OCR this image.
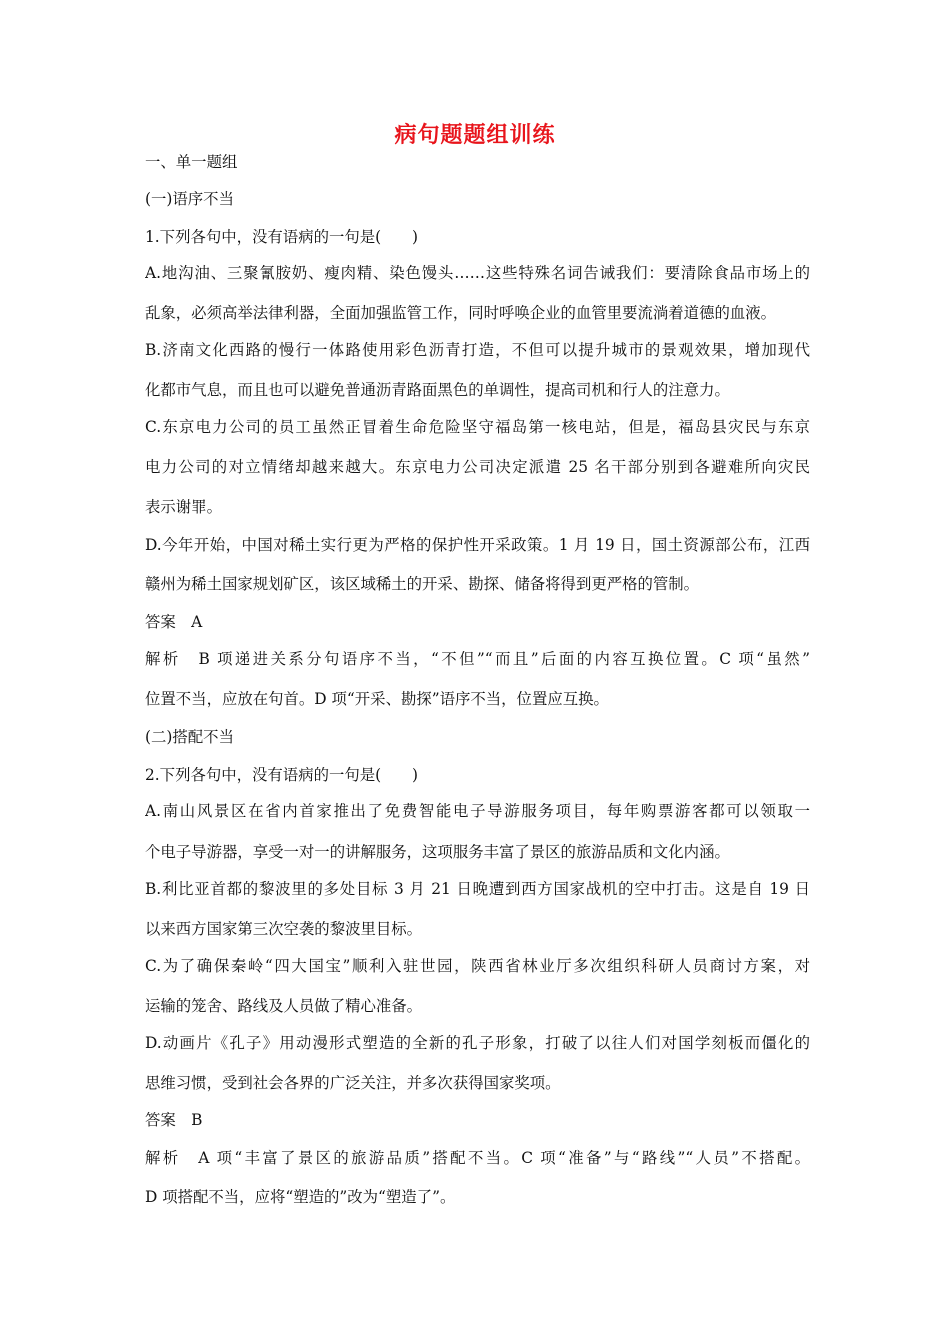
病句题题组训练
一、单一题组
(一)语序不当
1.下列各句中，没有语病的一句是(　　)
A.地沟油、三聚氰胺奶、瘦肉精、染色馒头……这些特殊名词告诫我们：要清除食品市场上的
乱象，必须高举法律利器，全面加强监管工作，同时呼唤企业的血管里要流淌着道德的血液。
B.济南文化西路的慢行一体路使用彩色沥青打造，不但可以提升城市的景观效果，增加现代
化都市气息，而且也可以避免普通沥青路面黑色的单调性，提高司机和行人的注意力。
C.东京电力公司的员工虽然正冒着生命危险坚守福岛第一核电站，但是，福岛县灾民与东京
电力公司的对立情绪却越来越大。东京电力公司决定派遣 25 名干部分别到各避难所向灾民
表示谢罪。
D.今年开始，中国对稀土实行更为严格的保护性开采政策。1 月 19 日，国土资源部公布，江西
赣州为稀土国家规划矿区，该区域稀土的开采、勘探、储备将得到更严格的管制。
答案　A
解析　B 项递进关系分句语序不当，“不但”“而且”后面的内容互换位置。C 项“虽然”
位置不当，应放在句首。D 项“开采、勘探”语序不当，位置应互换。
(二)搭配不当
2.下列各句中，没有语病的一句是(　　)
A.南山风景区在省内首家推出了免费智能电子导游服务项目，每年购票游客都可以领取一
个电子导游器，享受一对一的讲解服务，这项服务丰富了景区的旅游品质和文化内涵。
B.利比亚首都的黎波里的多处目标 3 月 21 日晚遭到西方国家战机的空中打击。这是自 19 日
以来西方国家第三次空袭的黎波里目标。
C.为了确保秦岭“四大国宝”顺利入驻世园，陕西省林业厅多次组织科研人员商讨方案，对
运输的笼舍、路线及人员做了精心准备。
D.动画片《孔子》用动漫形式塑造的全新的孔子形象，打破了以往人们对国学刻板而僵化的
思维习惯，受到社会各界的广泛关注，并多次获得国家奖项。
答案　B
解析　A 项“丰富了景区的旅游品质”搭配不当。C 项“准备”与“路线”“人员”不搭配。
D 项搭配不当，应将“塑造的”改为“塑造了”。
